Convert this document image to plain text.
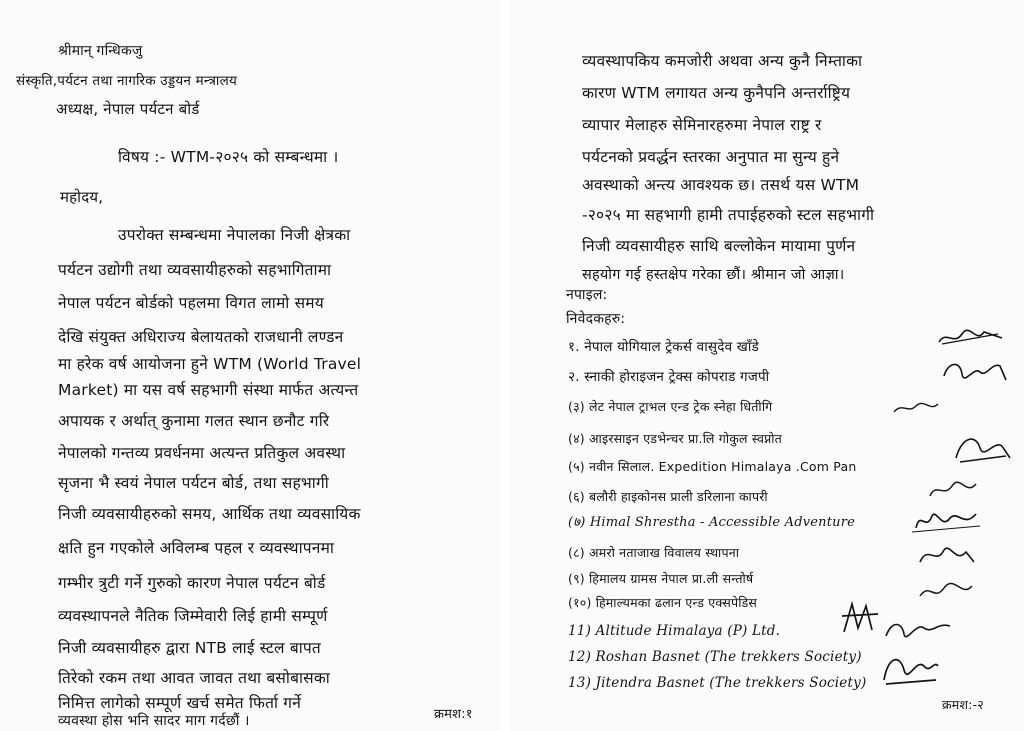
श्रीमान् गन्धिकजु
संस्कृति,पर्यटन तथा नागरिक उड्डयन मन्त्रालय
अध्यक्ष, नेपाल पर्यटन बोर्ड
विषय :- WTM-२०२५ को सम्बन्धमा ।
महोदय,
उपरोक्त सम्बन्धमा नेपालका निजी क्षेत्रका
पर्यटन उद्योगी तथा व्यवसायीहरुको सहभागितामा
नेपाल पर्यटन बोर्डको पहलमा विगत लामो समय
देखि संयुक्त अधिराज्य बेलायतको राजधानी लण्डन
मा हरेक वर्ष आयोजना हुने WTM (World Travel
Market) मा यस वर्ष सहभागी संस्था मार्फत अत्यन्त
अपायक र अर्थात् कुनामा गलत स्थान छनौट गरि
नेपालको गन्तव्य प्रवर्धनमा अत्यन्त प्रतिकुल अवस्था
सृजना भै स्वयं नेपाल पर्यटन बोर्ड, तथा सहभागी
निजी व्यवसायीहरुको समय, आर्थिक तथा व्यवसायिक
क्षति हुन गएकोले अविलम्ब पहल र व्यवस्थापनमा
गम्भीर त्रुटी गर्ने गुरुको कारण नेपाल पर्यटन बोर्ड
व्यवस्थापनले नैतिक जिम्मेवारी लिई हामी सम्पूर्ण
निजी व्यवसायीहरु द्वारा NTB लाई स्टल बापत
तिरेको रकम तथा आवत जावत तथा बसोबासका
निमित्त लागेको सम्पूर्ण खर्च समेत फिर्ता गर्ने
व्यवस्था होस भनि सादर माग गर्दछौं ।	क्रमश:१
व्यवस्थापकिय कमजोरी अथवा अन्य कुनै निम्ताका
कारण WTM लगायत अन्य कुनैपनि अन्तर्राष्ट्रिय
व्यापार मेलाहरु सेमिनारहरुमा नेपाल राष्ट्र र
पर्यटनको प्रवर्द्धन स्तरका अनुपात मा सुन्य हुने
अवस्थाको अन्त्य आवश्यक छ। तसर्थ यस WTM
-२०२५ मा सहभागी हामी तपाईहरुको स्टल सहभागी
निजी व्यवसायीहरु साथि बल्लोकेन मायामा पुर्णन
सहयोग गई हस्तक्षेप गरेका छौं। श्रीमान जो आज्ञा।
नपाइल:
निवेदकहरु:
१. नेपाल योगियाल ट्रेकर्स वासुदेव खाँडे
२. स्नाकी होराइजन ट्रेक्स कोपराड गजपी
(३) लेट नेपाल ट्राभल एन्ड ट्रेक स्नेहा धितीगि
(४) आइरसाइन एडभेन्चर प्रा.लि गोकुल स्वप्नोत
(५) नवीन सिलाल. Expedition Himalaya .Com Pan
(६) बलौरी हाइकोनस प्राली डरिलाना कापरी
(७) Himal Shrestha - Accessible Adventure
(८) अमरो नताजाख विवालय स्थापना
(९) हिमालय ग्रामस नेपाल प्रा.ली सन्तोर्ष
(१०) हिमाल्यमका ढलान एन्ड एक्सपेडिस
11) Altitude Himalaya (P) Ltd.
12) Roshan Basnet (The trekkers Society)
13) Jitendra Basnet (The trekkers Society)
क्रमश:-२
